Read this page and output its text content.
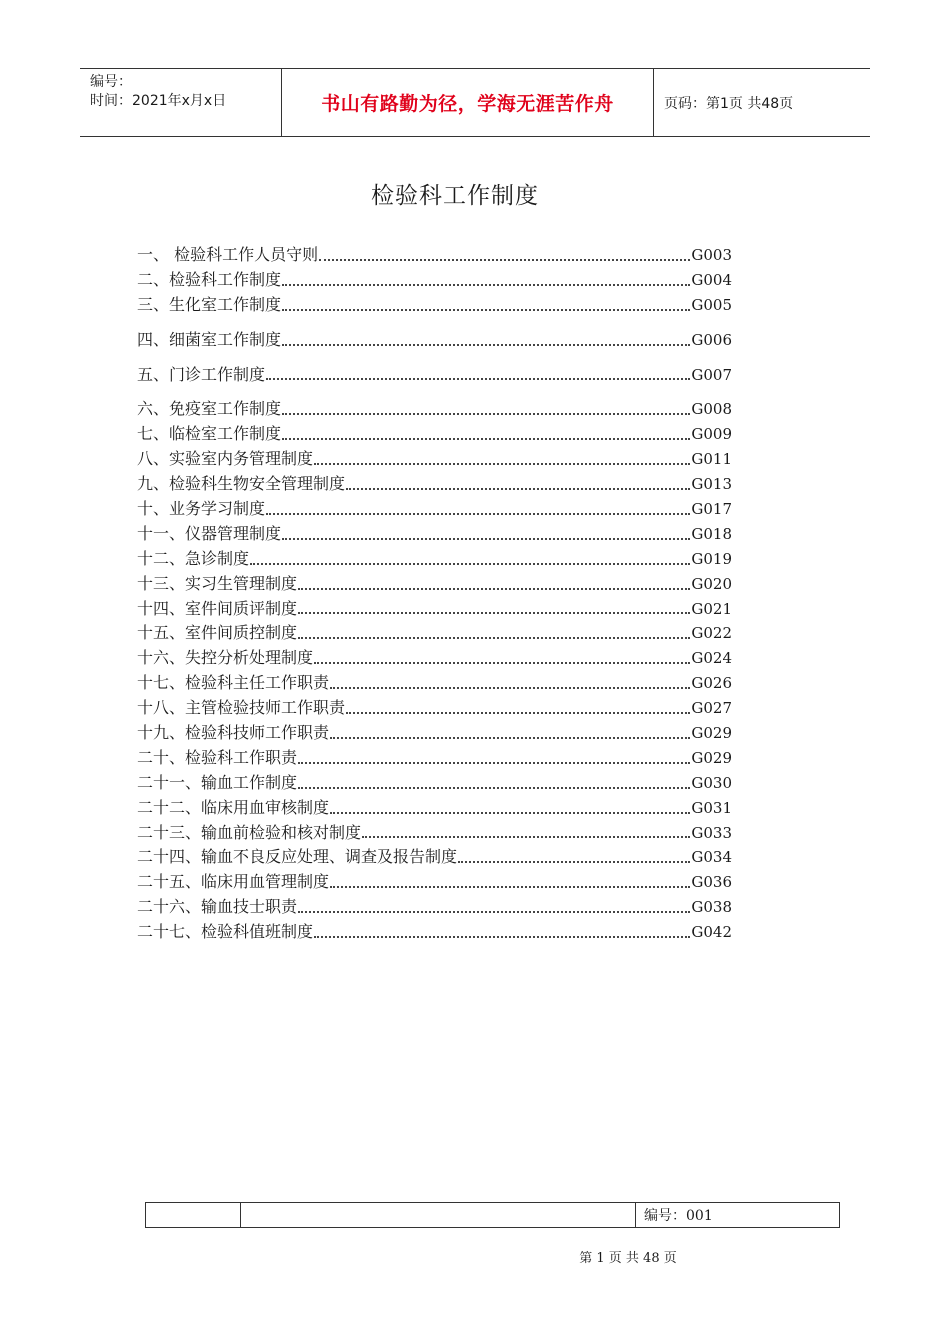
编号：
时间：2021年x月x日	书山有路勤为径，学海无涯苦作舟	页码：第1页 共48页
检验科工作制度
一、 检验科工作人员守则	G003
二、检验科工作制度	G004
三、生化室工作制度	G005
四、细菌室工作制度	G006
五、门诊工作制度	G007
六、免疫室工作制度	G008
七、临检室工作制度	G009
八、实验室内务管理制度	G011
九、检验科生物安全管理制度	G013
十、业务学习制度	G017
十一、仪器管理制度	G018
十二、急诊制度	G019
十三、实习生管理制度	G020
十四、室件间质评制度	G021
十五、室件间质控制度	G022
十六、失控分析处理制度	G024
十七、检验科主任工作职责	G026
十八、主管检验技师工作职责	G027
十九、检验科技师工作职责	G029
二十、检验科工作职责	G029
二十一、输血工作制度	G030
二十二、临床用血审核制度	G031
二十三、输血前检验和核对制度	G033
二十四、输血不良反应处理、调查及报告制度	G034
二十五、临床用血管理制度	G036
二十六、输血技士职责	G038
二十七、检验科值班制度	G042
编号：001
第 1 页 共 48 页
